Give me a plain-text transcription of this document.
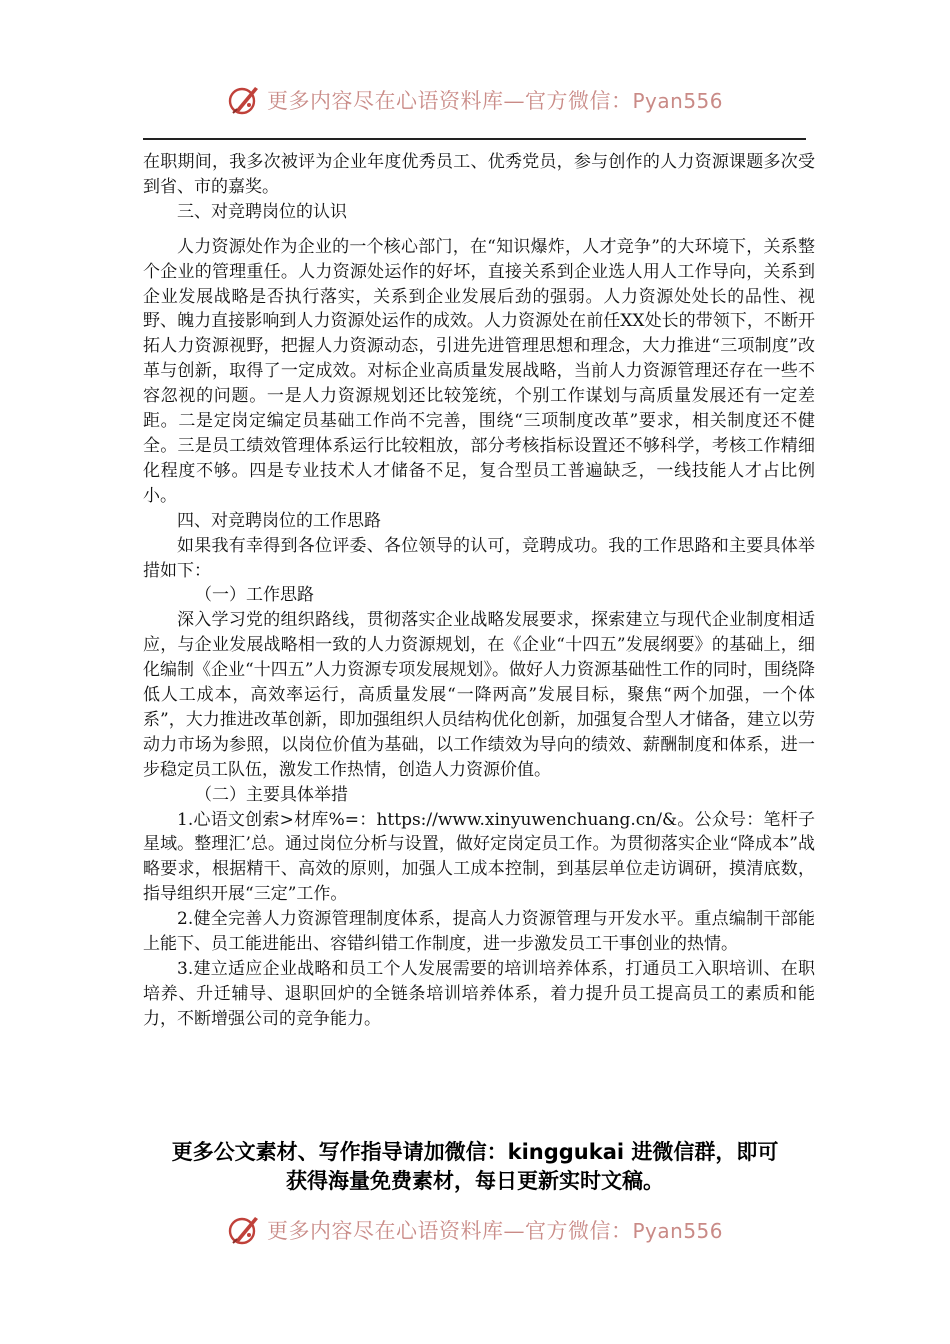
更多内容尽在心语资料库—官方微信：Pyan556

在职期间，我多次被评为企业年度优秀员工、优秀党员，参与创作的人力资源课题多次受到省、市的嘉奖。

三、对竞聘岗位的认识

人力资源处作为企业的一个核心部门，在“知识爆炸，人才竞争”的大环境下，关系整个企业的管理重任。人力资源处运作的好坏，直接关系到企业选人用人工作导向，关系到企业发展战略是否执行落实，关系到企业发展后劲的强弱。人力资源处处长的品性、视野、魄力直接影响到人力资源处运作的成效。人力资源处在前任XX处长的带领下，不断开拓人力资源视野，把握人力资源动态，引进先进管理思想和理念，大力推进“三项制度”改革与创新，取得了一定成效。对标企业高质量发展战略，当前人力资源管理还存在一些不容忽视的问题。一是人力资源规划还比较笼统，个别工作谋划与高质量发展还有一定差距。二是定岗定编定员基础工作尚不完善，围绕“三项制度改革”要求，相关制度还不健全。三是员工绩效管理体系运行比较粗放，部分考核指标设置还不够科学，考核工作精细化程度不够。四是专业技术人才储备不足，复合型员工普遍缺乏，一线技能人才占比例小。

四、对竞聘岗位的工作思路

如果我有幸得到各位评委、各位领导的认可，竞聘成功。我的工作思路和主要具体举措如下：

（一）工作思路

深入学习党的组织路线，贯彻落实企业战略发展要求，探索建立与现代企业制度相适应，与企业发展战略相一致的人力资源规划，在《企业“十四五”发展纲要》的基础上，细化编制《企业“十四五”人力资源专项发展规划》。做好人力资源基础性工作的同时，围绕降低人工成本，高效率运行，高质量发展“一降两高”发展目标，聚焦“两个加强，一个体系”，大力推进改革创新，即加强组织人员结构优化创新，加强复合型人才储备，建立以劳动力市场为参照，以岗位价值为基础，以工作绩效为导向的绩效、薪酬制度和体系，进一步稳定员工队伍，激发工作热情，创造人力资源价值。

（二）主要具体举措

1.心语文创索>材库%=：https://www.xinyuwenchuang.cn/&。公众号：笔杆子星域。整理汇’总。通过岗位分析与设置，做好定岗定员工作。为贯彻落实企业“降成本”战略要求，根据精干、高效的原则，加强人工成本控制，到基层单位走访调研，摸清底数，指导组织开展“三定”工作。

2.健全完善人力资源管理制度体系，提高人力资源管理与开发水平。重点编制干部能上能下、员工能进能出、容错纠错工作制度，进一步激发员工干事创业的热情。

3.建立适应企业战略和员工个人发展需要的培训培养体系，打通员工入职培训、在职培养、升迁辅导、退职回炉的全链条培训培养体系，着力提升员工提高员工的素质和能力，不断增强公司的竞争能力。

更多公文素材、写作指导请加微信：kinggukai 进微信群，即可
获得海量免费素材，每日更新实时文稿。
更多内容尽在心语资料库—官方微信：Pyan556
